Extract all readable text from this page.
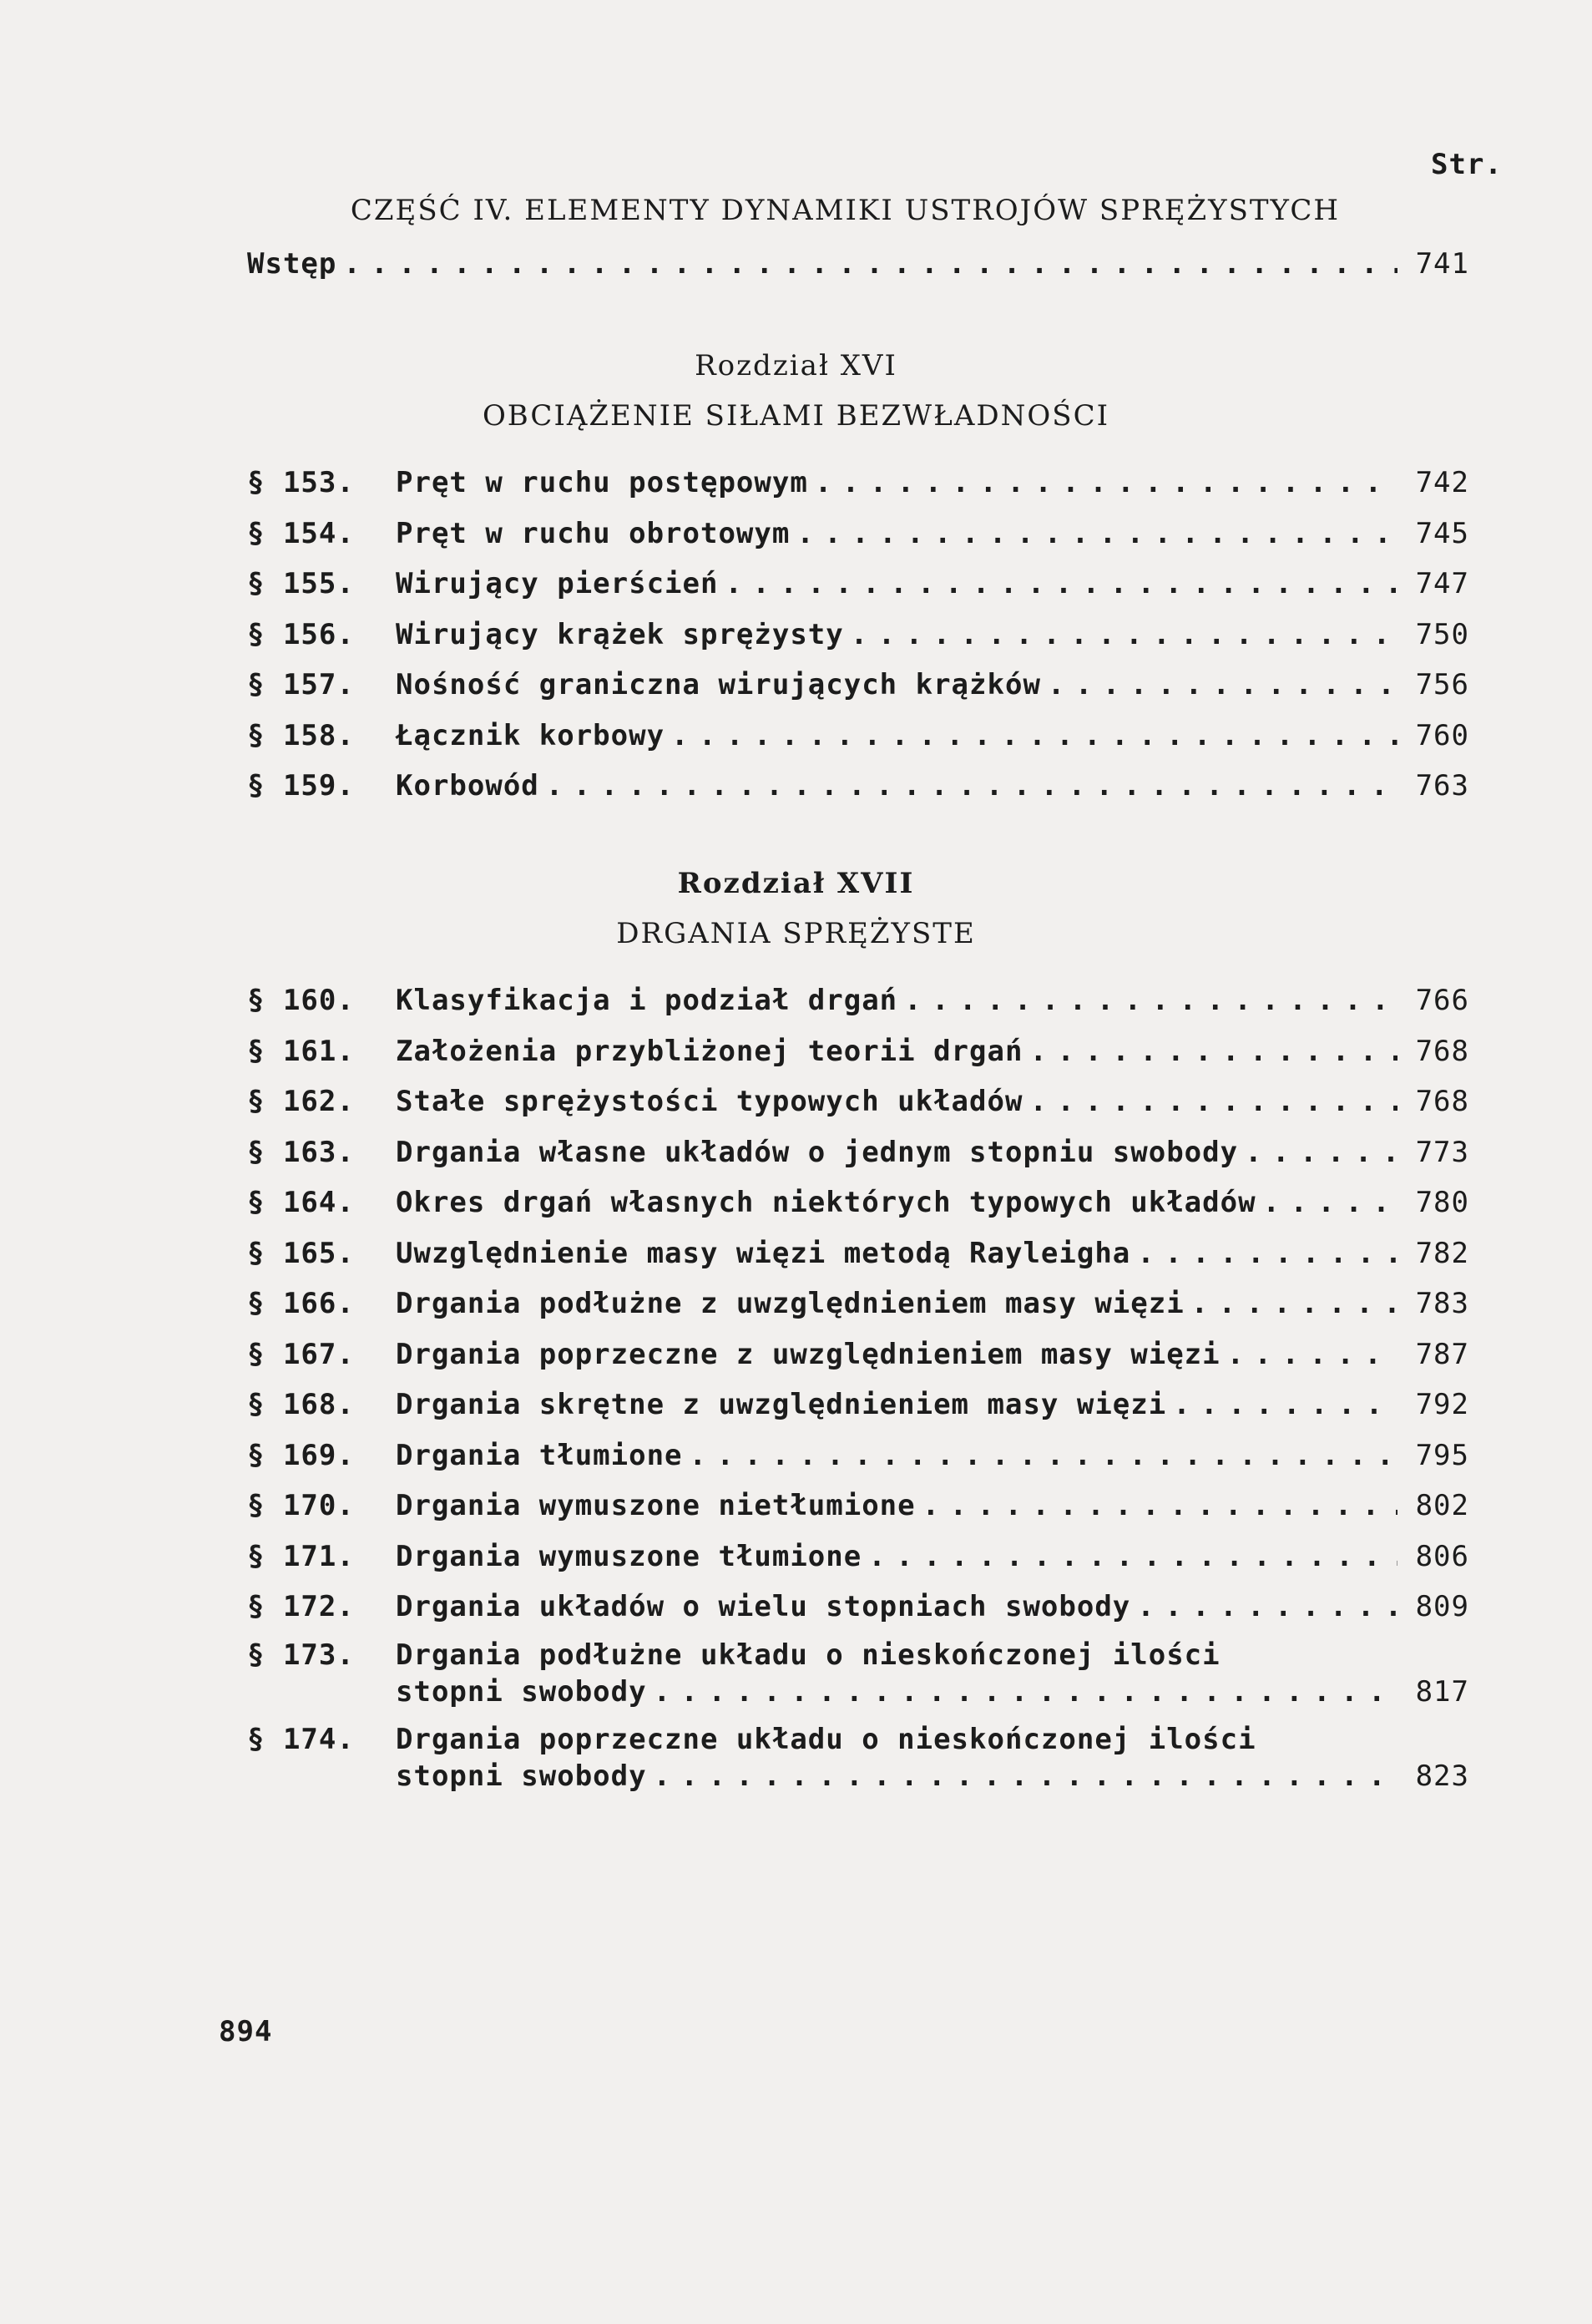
Str.
CZĘŚĆ IV. ELEMENTY DYNAMIKI USTROJÓW SPRĘŻYSTYCH
Wstęp . . .	741
Rozdział XVI
OBCIĄŻENIE SIŁAMI BEZWŁADNOŚCI
§ 153.	Pręt w ruchu postępowym . . .	742
§ 154.	Pręt w ruchu obrotowym . . .	745
§ 155.	Wirujący pierścień . . .	747
§ 156.	Wirujący krążek sprężysty . . .	750
§ 157.	Nośność graniczna wirujących krążków . . .	756
§ 158.	Łącznik korbowy . . .	760
§ 159.	Korbowód . . .	763
Rozdział XVII
DRGANIA SPRĘŻYSTE
§ 160.	Klasyfikacja i podział drgań . . .	766
§ 161.	Założenia przybliżonej teorii drgań . . .	768
§ 162.	Stałe sprężystości typowych układów . . .	768
§ 163.	Drgania własne układów o jednym stopniu swobody . . .	773
§ 164.	Okres drgań własnych niektórych typowych układów . . .	780
§ 165.	Uwzględnienie masy więzi metodą Rayleigha . . .	782
§ 166.	Drgania podłużne z uwzględnieniem masy więzi . . .	783
§ 167.	Drgania poprzeczne z uwzględnieniem masy więzi . . .	787
§ 168.	Drgania skrętne z uwzględnieniem masy więzi . . .	792
§ 169.	Drgania tłumione . . .	795
§ 170.	Drgania wymuszone nietłumione . . .	802
§ 171.	Drgania wymuszone tłumione . . .	806
§ 172.	Drgania układów o wielu stopniach swobody . . .	809
§ 173.	Drgania podłużne układu o nieskończonej ilości
stopni swobody . . .	817
§ 174.	Drgania poprzeczne układu o nieskończonej ilości
stopni swobody . . .	823
894
